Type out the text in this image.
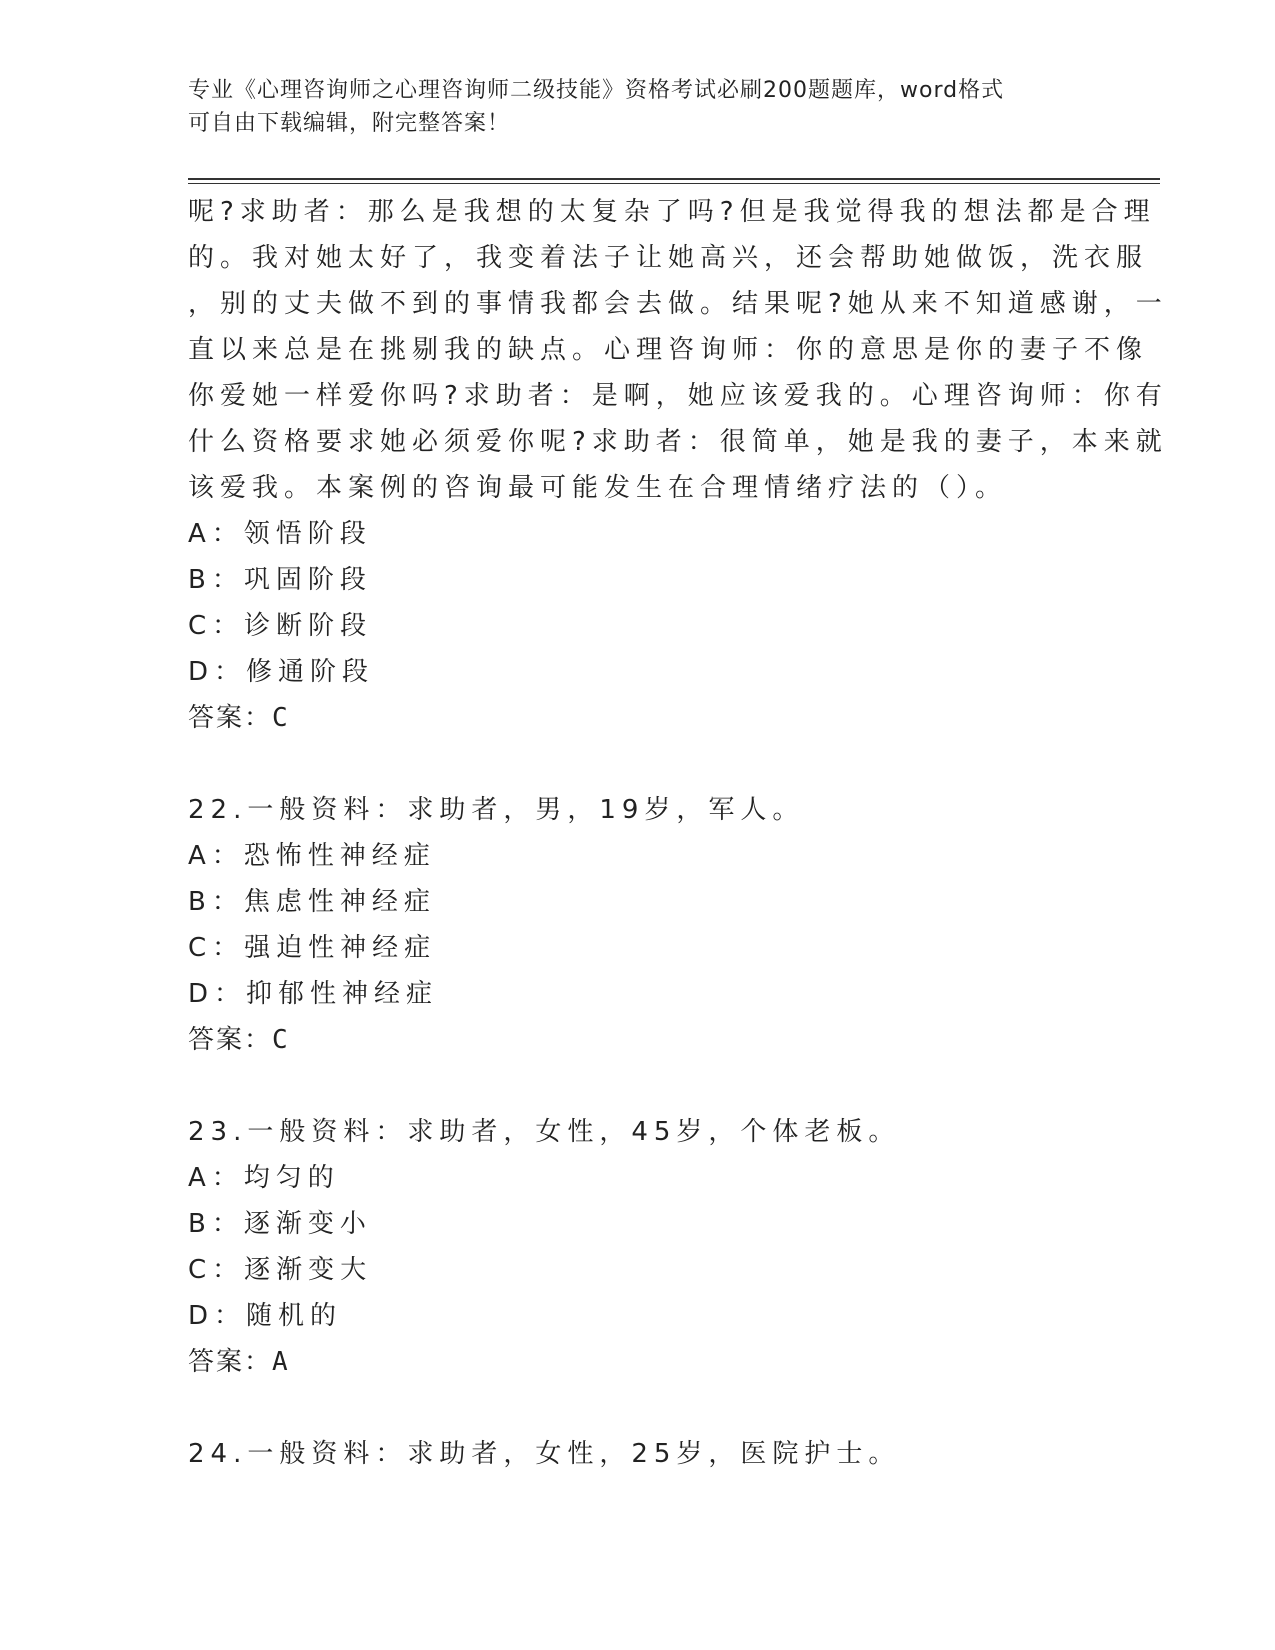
专业《心理咨询师之心理咨询师二级技能》资格考试必刷200题题库，word格式
可自由下载编辑，附完整答案！
呢?求助者：那么是我想的太复杂了吗?但是我觉得我的想法都是合理
的。我对她太好了，我变着法子让她高兴，还会帮助她做饭，洗衣服
，别的丈夫做不到的事情我都会去做。结果呢?她从来不知道感谢，一
直以来总是在挑剔我的缺点。心理咨询师：你的意思是你的妻子不像
你爱她一样爱你吗?求助者：是啊，她应该爱我的。心理咨询师：你有
什么资格要求她必须爱你呢?求助者：很简单，她是我的妻子，本来就
该爱我。本案例的咨询最可能发生在合理情绪疗法的（）。
A：领悟阶段
B：巩固阶段
C：诊断阶段
D：修通阶段
答案：C
22.一般资料：求助者，男，19岁，军人。
A：恐怖性神经症
B：焦虑性神经症
C：强迫性神经症
D：抑郁性神经症
答案：C
23.一般资料：求助者，女性，45岁，个体老板。
A：均匀的
B：逐渐变小
C：逐渐变大
D：随机的
答案：A
24.一般资料：求助者，女性，25岁，医院护士。
